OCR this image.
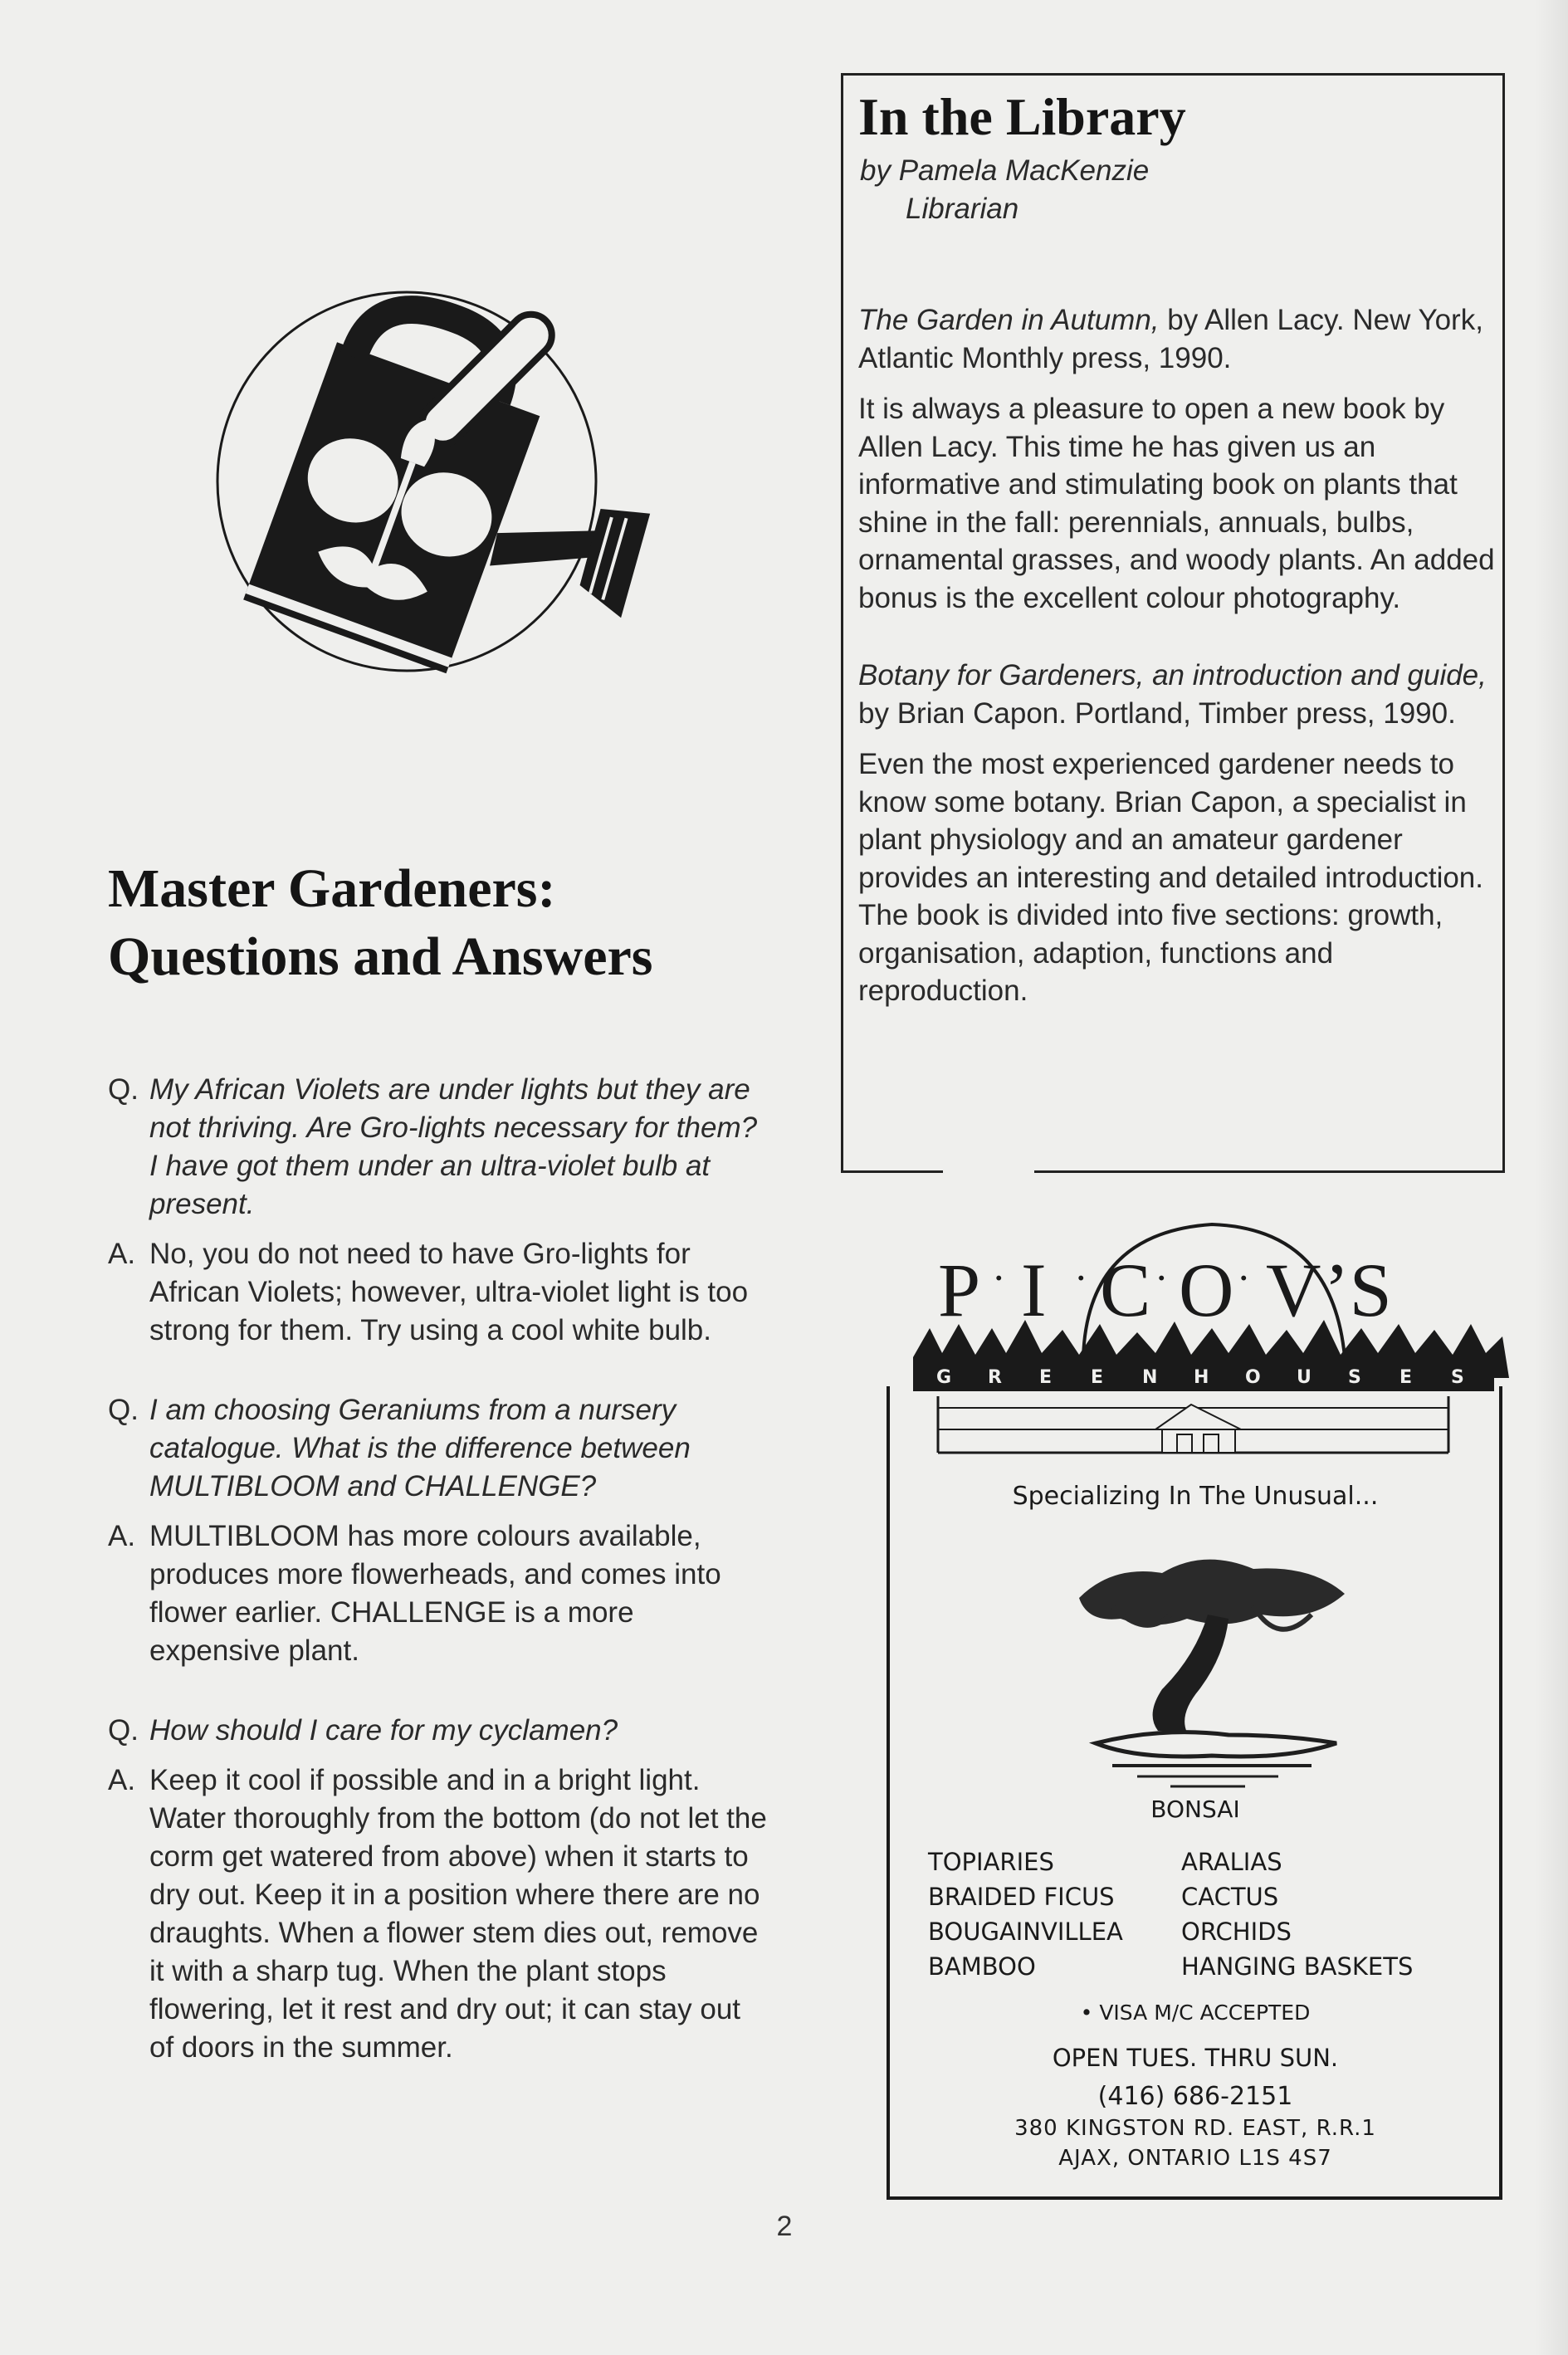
Master Gardeners:
Questions and Answers
Q. My African Violets are under lights but they are not thriving. Are Gro-lights necessary for them? I have got them under an ultra-violet bulb at present.
A. No, you do not need to have Gro-lights for African Violets; however, ultra-violet light is too strong for them. Try using a cool white bulb.
Q. I am choosing Geraniums from a nursery catalogue. What is the difference between MULTIBLOOM and CHALLENGE?
A. MULTIBLOOM has more colours available, produces more flowerheads, and comes into flower earlier. CHALLENGE is a more expensive plant.
Q. How should I care for my cyclamen?
A. Keep it cool if possible and in a bright light. Water thoroughly from the bottom (do not let the corm get watered from above) when it starts to dry out. Keep it in a position where there are no draughts. When a flower stem dies out, remove it with a sharp tug. When the plant stops flowering, let it rest and dry out; it can stay out of doors in the summer.
In the Library
by Pamela MacKenzie
Librarian

The Garden in Autumn, by Allen Lacy. New York, Atlantic Monthly press, 1990.

It is always a pleasure to open a new book by Allen Lacy. This time he has given us an informative and stimulating book on plants that shine in the fall: perennials, annuals, bulbs, ornamental grasses, and woody plants. An added bonus is the excellent colour photography.

Botany for Gardeners, an introduction and guide, by Brian Capon. Portland, Timber press, 1990.

Even the most experienced gardener needs to know some botany. Brian Capon, a specialist in plant physiology and an amateur gardener provides an interesting and detailed introduction. The book is divided into five sections: growth, organisation, adaption, functions and reproduction.

P . I . C . O . V ’S
G R E E N H O U S E S
Specializing In The Unusual...
BONSAI
TOPIARIES	ARALIAS
BRAIDED FICUS	CACTUS
BOUGAINVILLEA	ORCHIDS
BAMBOO	HANGING BASKETS
• VISA M/C ACCEPTED
OPEN TUES. THRU SUN.
(416) 686-2151
380 KINGSTON RD. EAST, R.R.1
AJAX, ONTARIO L1S 4S7
2
